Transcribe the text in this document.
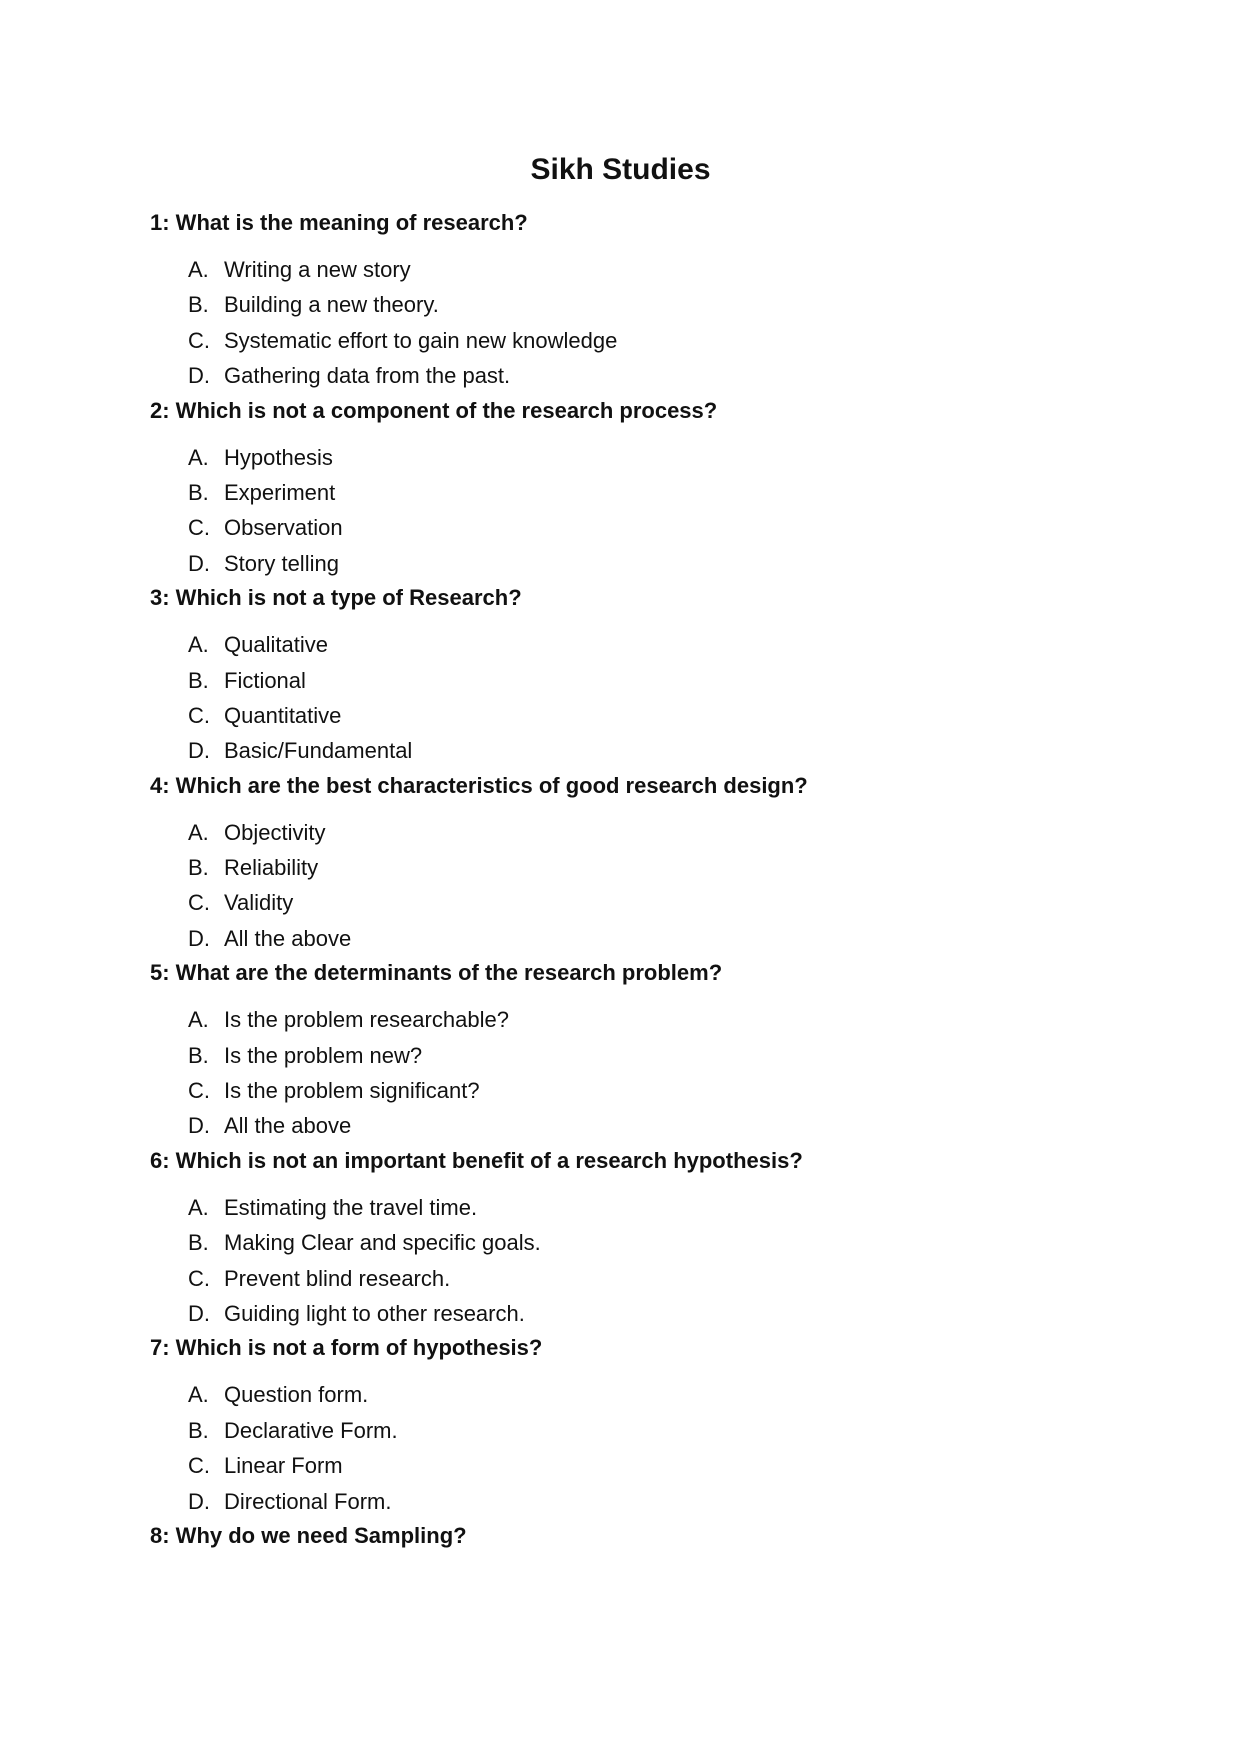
Sikh Studies

1: What is the meaning of research?

A. Writing a new story
B. Building a new theory.
C. Systematic effort to gain new knowledge
D. Gathering data from the past.

2: Which is not a component of the research process?

A. Hypothesis
B. Experiment
C. Observation
D. Story telling

3: Which is not a type of Research?

A. Qualitative
B. Fictional
C. Quantitative
D. Basic/Fundamental

4: Which are the best characteristics of good research design?

A. Objectivity
B. Reliability
C. Validity
D. All the above

5: What are the determinants of the research problem?

A. Is the problem researchable?
B. Is the problem new?
C. Is the problem significant?
D. All the above

6: Which is not an important benefit of a research hypothesis?

A. Estimating the travel time.
B. Making Clear and specific goals.
C. Prevent blind research.
D. Guiding light to other research.

7: Which is not a form of hypothesis?

A. Question form.
B. Declarative Form.
C. Linear Form
D. Directional Form.

8: Why do we need Sampling?
